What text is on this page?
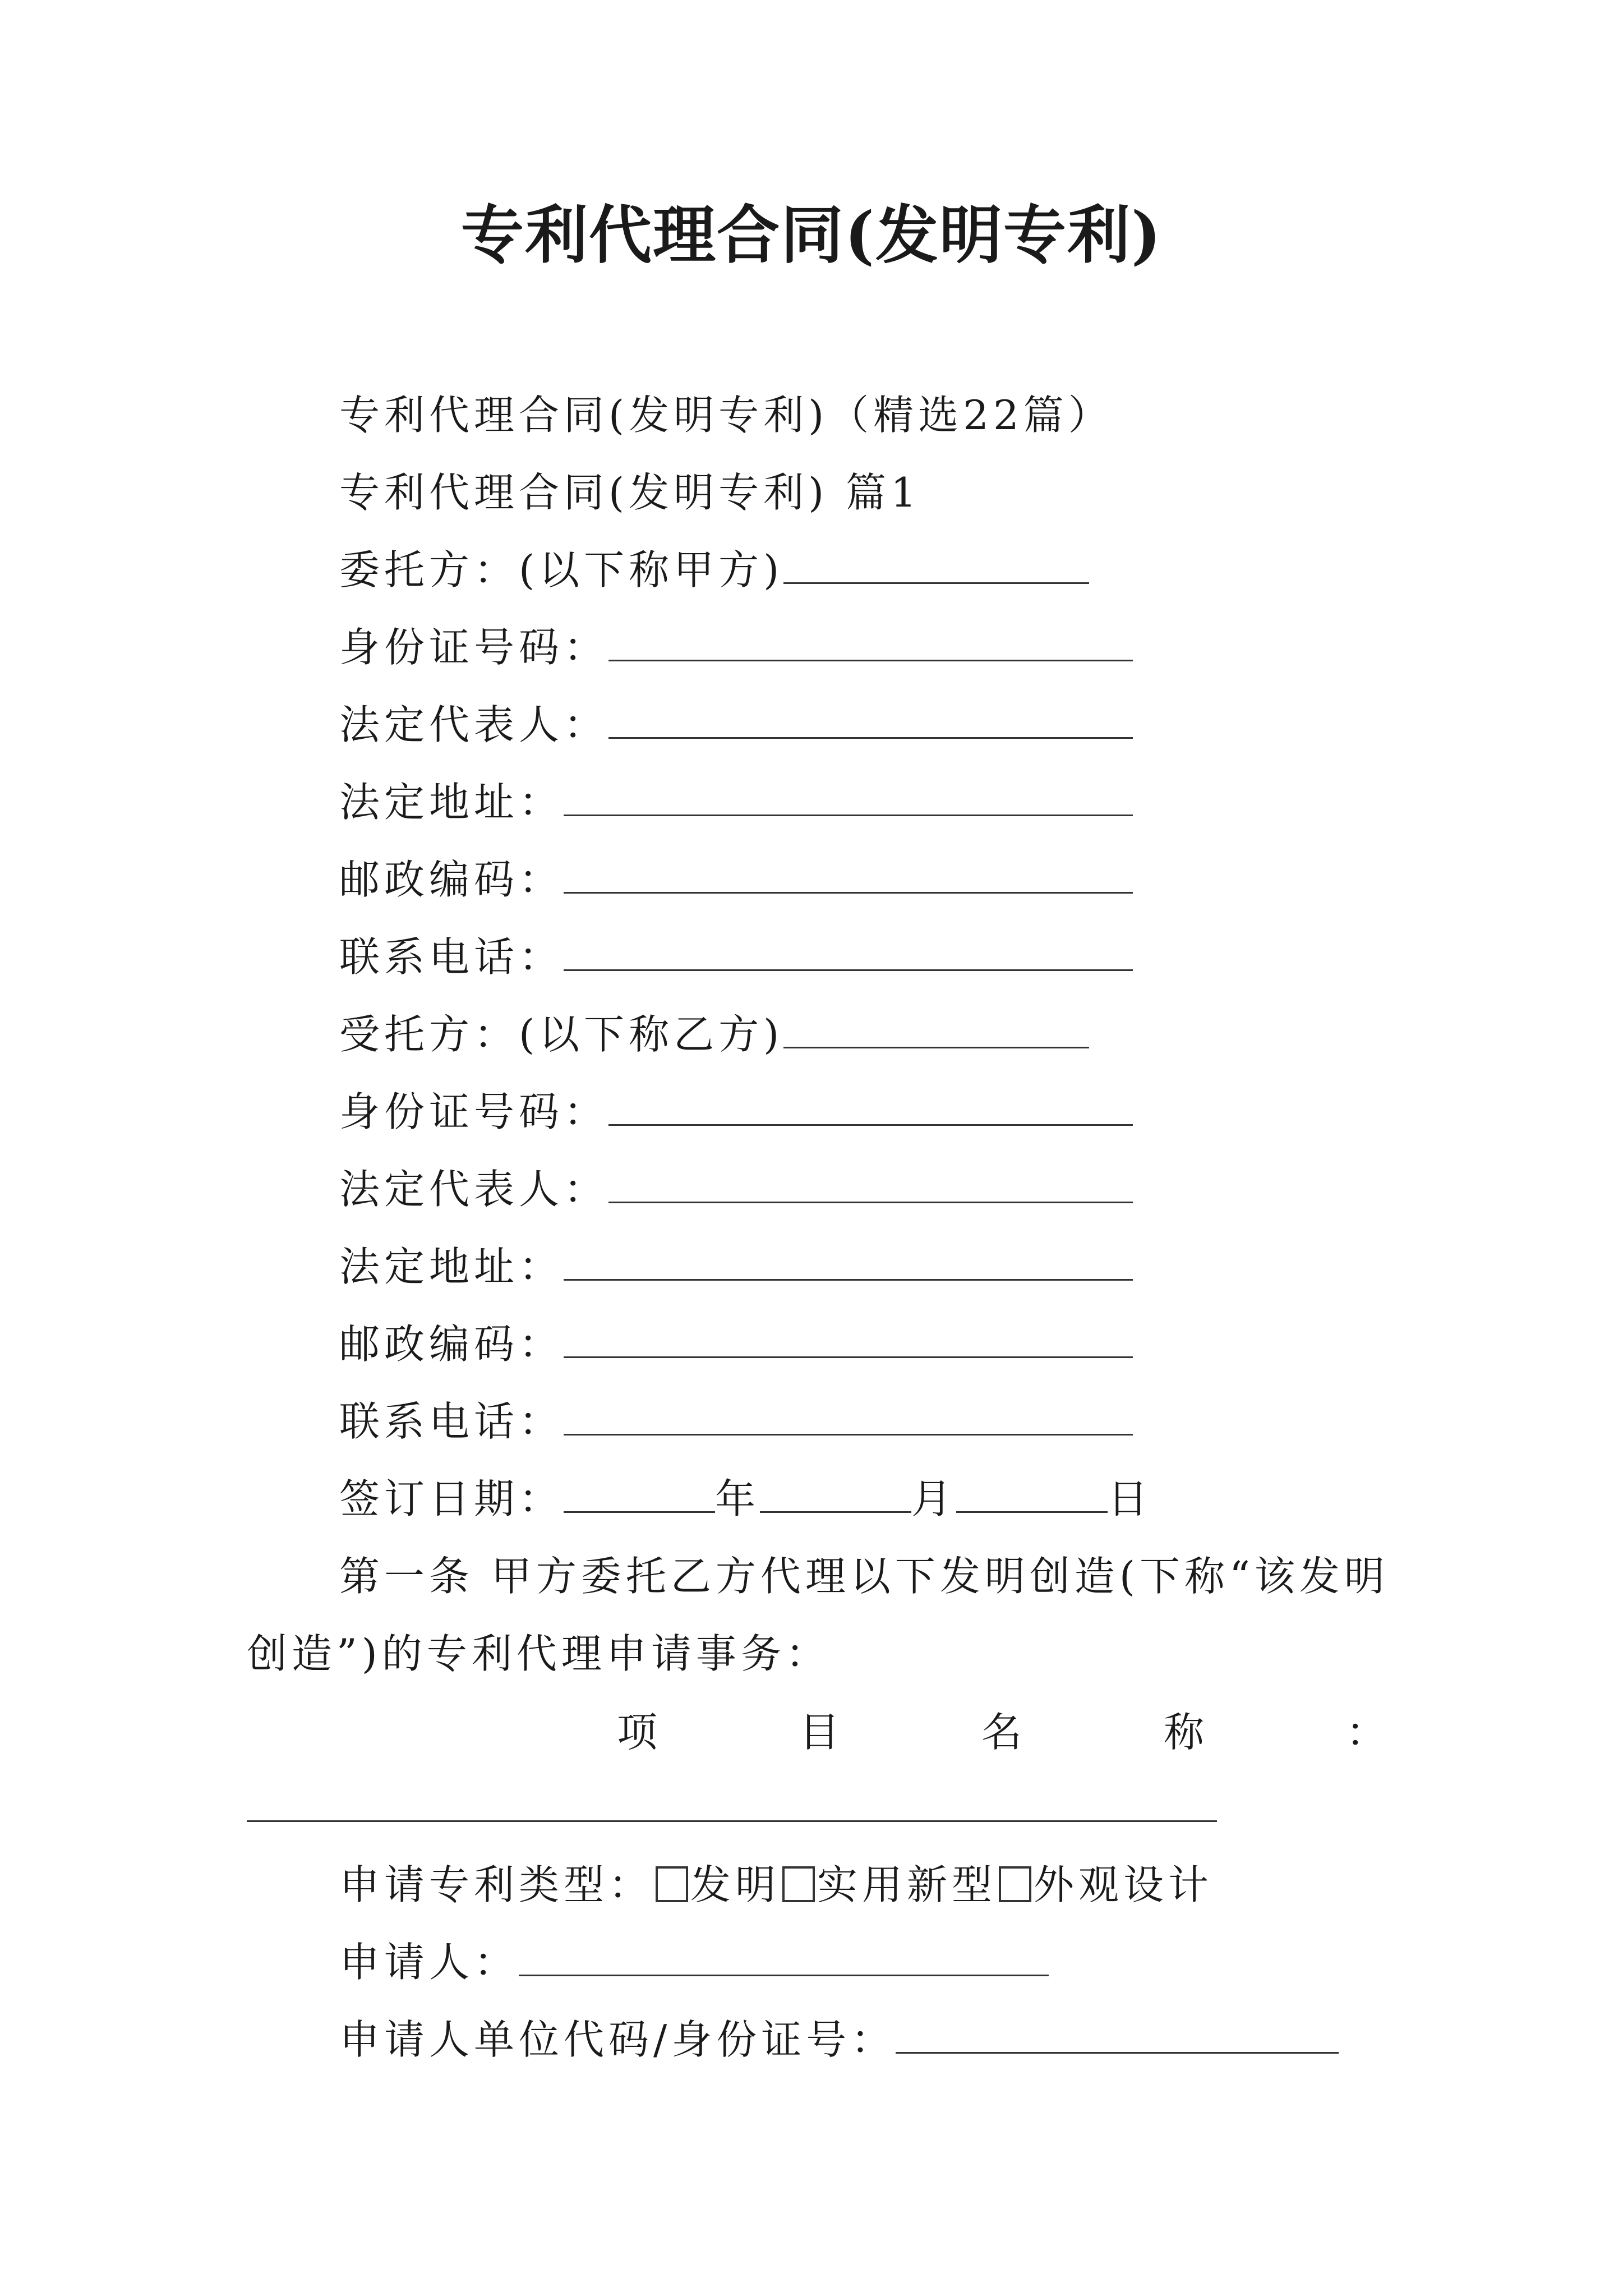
专利代理合同(发明专利)
专利代理合同(发明专利)（精选22篇）
专利代理合同(发明专利) 篇1
委托方：(以下称甲方)
身份证号码：
法定代表人：
法定地址：
邮政编码：
联系电话：
受托方：(以下称乙方)
身份证号码：
法定代表人：
法定地址：
邮政编码：
联系电话：
签订日期：	年	月	日
第一条 甲方委托乙方代理以下发明创造(下称“该发明
创造”)的专利代理申请事务：
项	目	名	称	：
申请专利类型： 发明 实用新型 外观设计
申请人：
申请人单位代码/身份证号：
